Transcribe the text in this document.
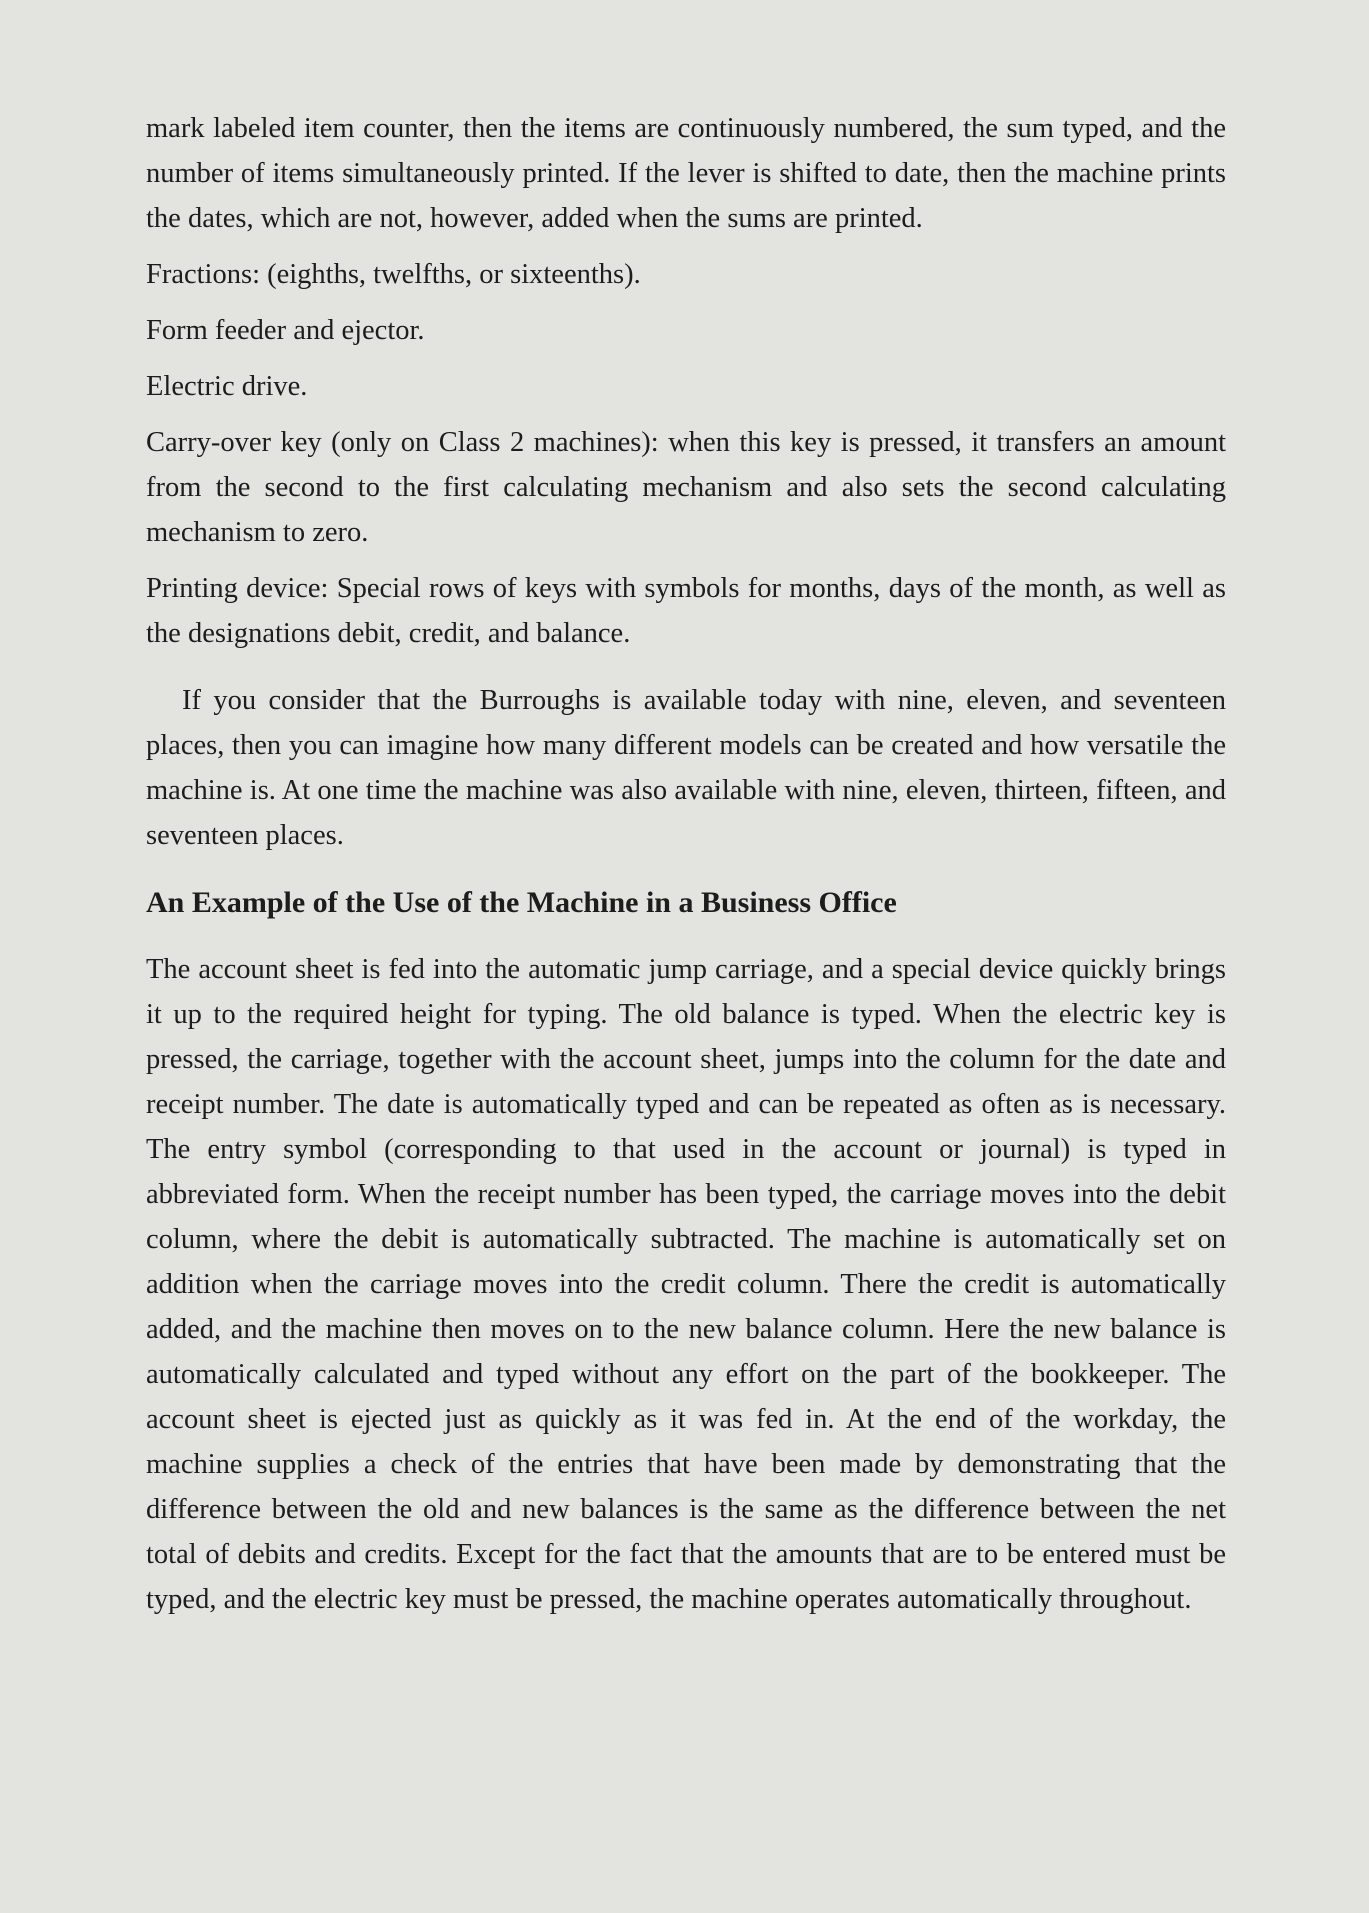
mark labeled item counter, then the items are continuously numbered, the sum typed, and the number of items simultaneously printed. If the lever is shifted to date, then the machine prints the dates, which are not, however, added when the sums are printed.

Fractions: (eighths, twelfths, or sixteenths).

Form feeder and ejector.

Electric drive.

Carry-over key (only on Class 2 machines): when this key is pressed, it transfers an amount from the second to the first calculating mechanism and also sets the second calculating mechanism to zero.

Printing device: Special rows of keys with symbols for months, days of the month, as well as the designations debit, credit, and balance.

If you consider that the Burroughs is available today with nine, eleven, and seventeen places, then you can imagine how many different models can be created and how versatile the machine is. At one time the machine was also available with nine, eleven, thirteen, fifteen, and seventeen places.

An Example of the Use of the Machine in a Business Office

The account sheet is fed into the automatic jump carriage, and a special device quickly brings it up to the required height for typing. The old balance is typed. When the electric key is pressed, the carriage, together with the account sheet, jumps into the column for the date and receipt number. The date is automatically typed and can be repeated as often as is necessary. The entry symbol (corresponding to that used in the account or journal) is typed in abbreviated form. When the receipt number has been typed, the carriage moves into the debit column, where the debit is automatically subtracted. The machine is automatically set on addition when the carriage moves into the credit column. There the credit is automatically added, and the machine then moves on to the new balance column. Here the new balance is automatically calculated and typed without any effort on the part of the bookkeeper. The account sheet is ejected just as quickly as it was fed in. At the end of the workday, the machine supplies a check of the entries that have been made by demonstrating that the difference between the old and new balances is the same as the difference between the net total of debits and credits. Except for the fact that the amounts that are to be entered must be typed, and the electric key must be pressed, the machine operates automatically throughout.
